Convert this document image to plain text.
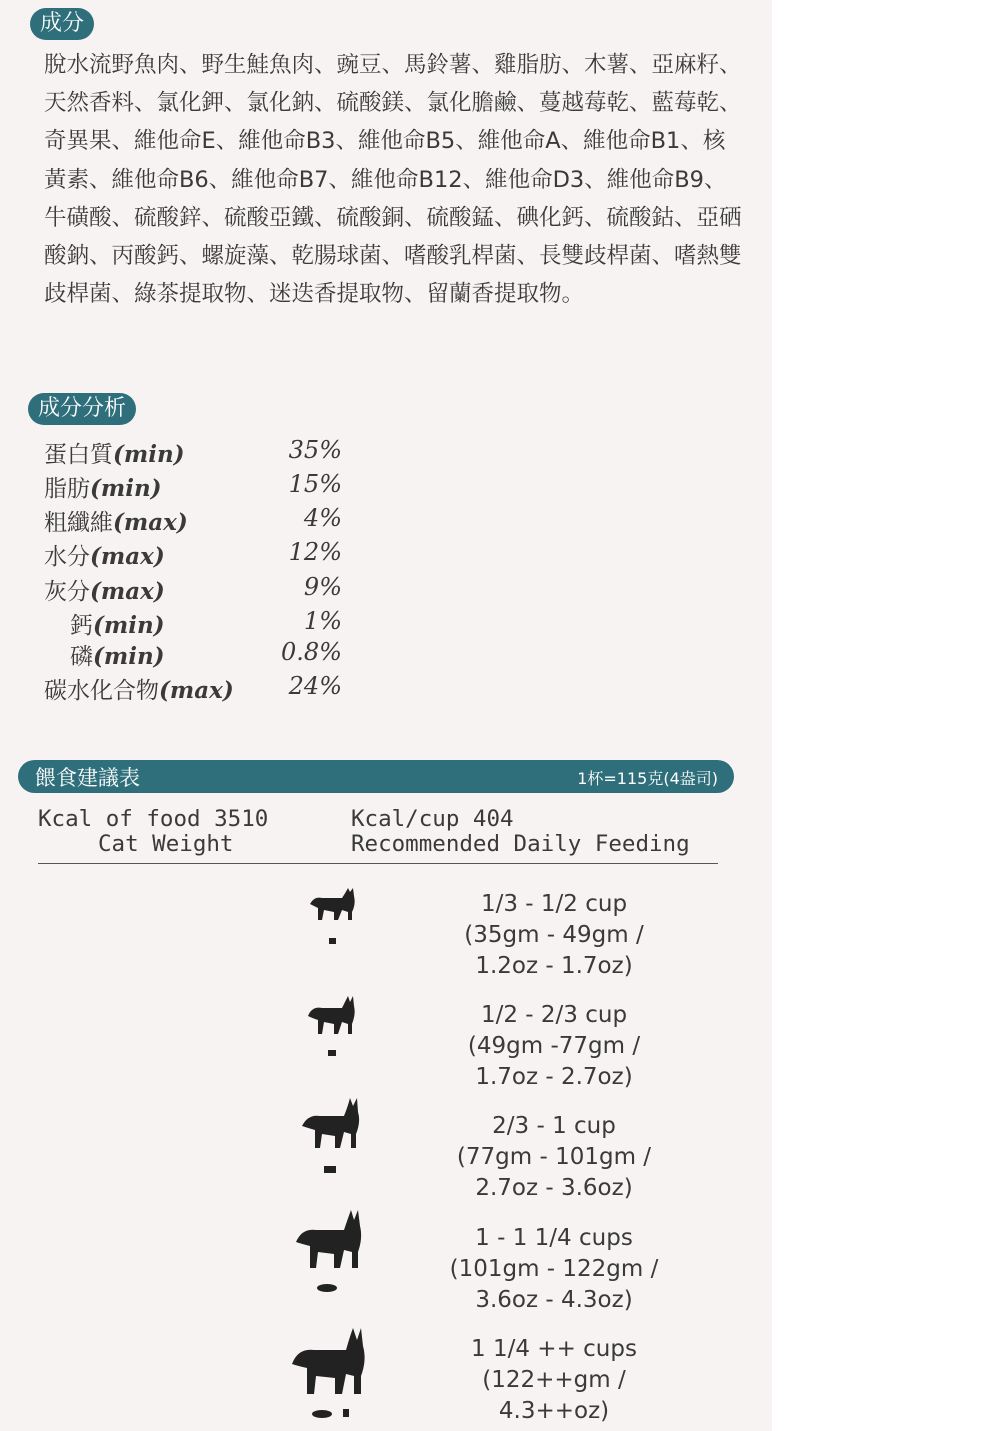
成分
脫水流野魚肉、野生鮭魚肉、豌豆、馬鈴薯、雞脂肪、木薯、亞麻籽、天然香料、氯化鉀、氯化鈉、硫酸鎂、氯化膽鹼、蔓越莓乾、藍莓乾、奇異果、維他命E、維他命B3、維他命B5、維他命A、維他命B1、核黃素、維他命B6、維他命B7、維他命B12、維他命D3、維他命B9、牛磺酸、硫酸鋅、硫酸亞鐵、硫酸銅、硫酸錳、碘化鈣、硫酸鈷、亞硒酸鈉、丙酸鈣、螺旋藻、乾腸球菌、嗜酸乳桿菌、長雙歧桿菌、嗜熱雙歧桿菌、綠茶提取物、迷迭香提取物、留蘭香提取物。
成分分析
蛋白質(min)	35%
脂肪(min)	15%
粗纖維(max)	4%
水分(max)	12%
灰分(max)	9%
鈣(min)	1%
磷(min)	0.8%
碳水化合物(max) 24%
餵食建議表	1杯=115克(4盎司)
Kcal of food 3510
Cat Weight
Kcal/cup 404
Recommended Daily Feeding
1/3 - 1/2 cup
(35gm - 49gm /
1.2oz - 1.7oz)
1/2 - 2/3 cup
(49gm -77gm /
1.7oz - 2.7oz)
2/3 - 1 cup
(77gm - 101gm /
2.7oz - 3.6oz)
1 - 1 1/4 cups
(101gm - 122gm /
3.6oz - 4.3oz)
1 1/4 ++ cups
(122++gm /
4.3++oz)
